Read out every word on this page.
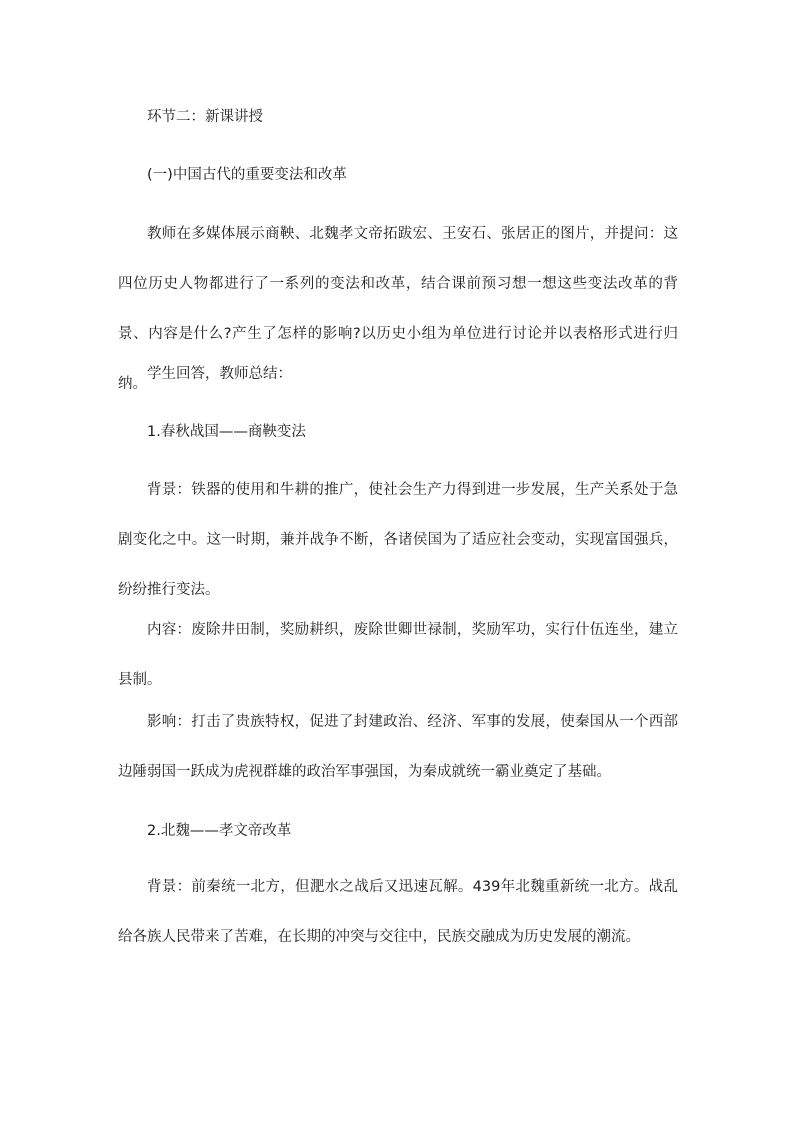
环节二：新课讲授

(一)中国古代的重要变法和改革

教师在多媒体展示商鞅、北魏孝文帝拓跋宏、王安石、张居正的图片，并提问：这四位历史人物都进行了一系列的变法和改革，结合课前预习想一想这些变法改革的背景、内容是什么?产生了怎样的影响?以历史小组为单位进行讨论并以表格形式进行归纳。

学生回答，教师总结：

1.春秋战国——商鞅变法

背景：铁器的使用和牛耕的推广，使社会生产力得到进一步发展，生产关系处于急剧变化之中。这一时期，兼并战争不断，各诸侯国为了适应社会变动，实现富国强兵，纷纷推行变法。

内容：废除井田制，奖励耕织，废除世卿世禄制，奖励军功，实行什伍连坐，建立县制。

影响：打击了贵族特权，促进了封建政治、经济、军事的发展，使秦国从一个西部边陲弱国一跃成为虎视群雄的政治军事强国，为秦成就统一霸业奠定了基础。

2.北魏——孝文帝改革

背景：前秦统一北方，但淝水之战后又迅速瓦解。439年北魏重新统一北方。战乱给各族人民带来了苦难，在长期的冲突与交往中，民族交融成为历史发展的潮流。
